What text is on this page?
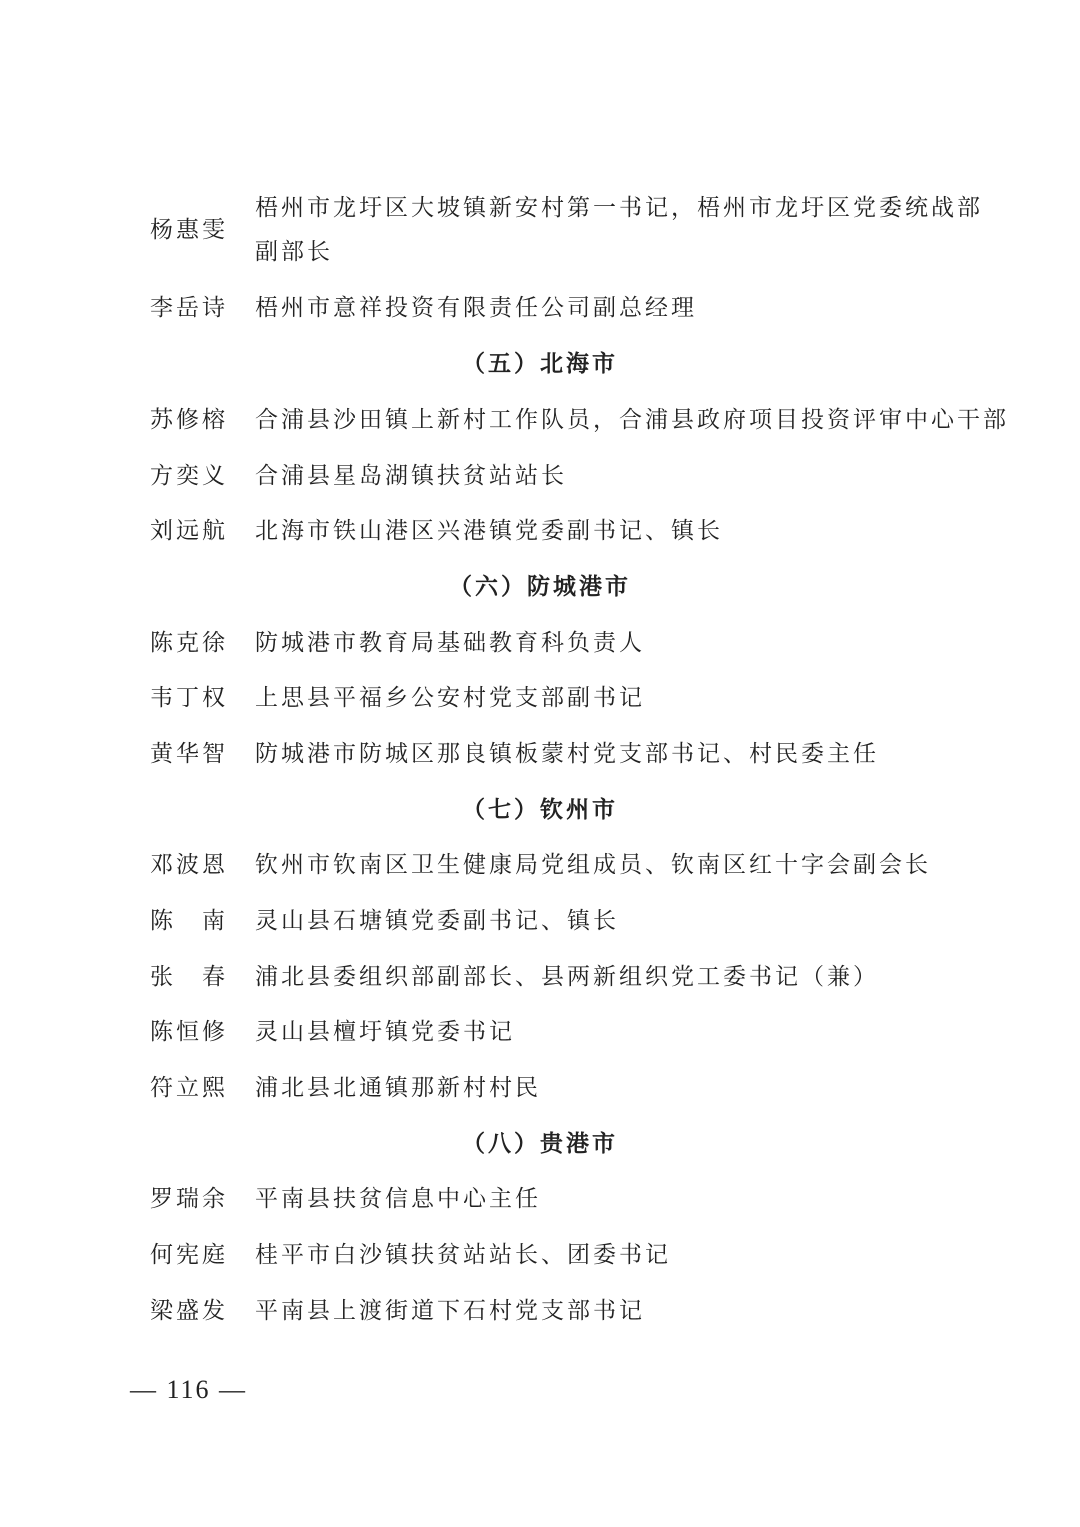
杨惠雯
梧州市龙圩区大坡镇新安村第一书记，梧州市龙圩区党委统战部
副部长
李岳诗 梧州市意祥投资有限责任公司副总经理
（五）北海市
苏修榕 合浦县沙田镇上新村工作队员，合浦县政府项目投资评审中心干部
方奕义 合浦县星岛湖镇扶贫站站长
刘远航 北海市铁山港区兴港镇党委副书记、镇长
（六）防城港市
陈克徐 防城港市教育局基础教育科负责人
韦丁权 上思县平福乡公安村党支部副书记
黄华智 防城港市防城区那良镇板蒙村党支部书记、村民委主任
（七）钦州市
邓波恩 钦州市钦南区卫生健康局党组成员、钦南区红十字会副会长
陈　南 灵山县石塘镇党委副书记、镇长
张　春 浦北县委组织部副部长、县两新组织党工委书记（兼）
陈恒修 灵山县檀圩镇党委书记
符立熙 浦北县北通镇那新村村民
（八）贵港市
罗瑞余 平南县扶贫信息中心主任
何宪庭 桂平市白沙镇扶贫站站长、团委书记
梁盛发 平南县上渡街道下石村党支部书记
— 116 —
